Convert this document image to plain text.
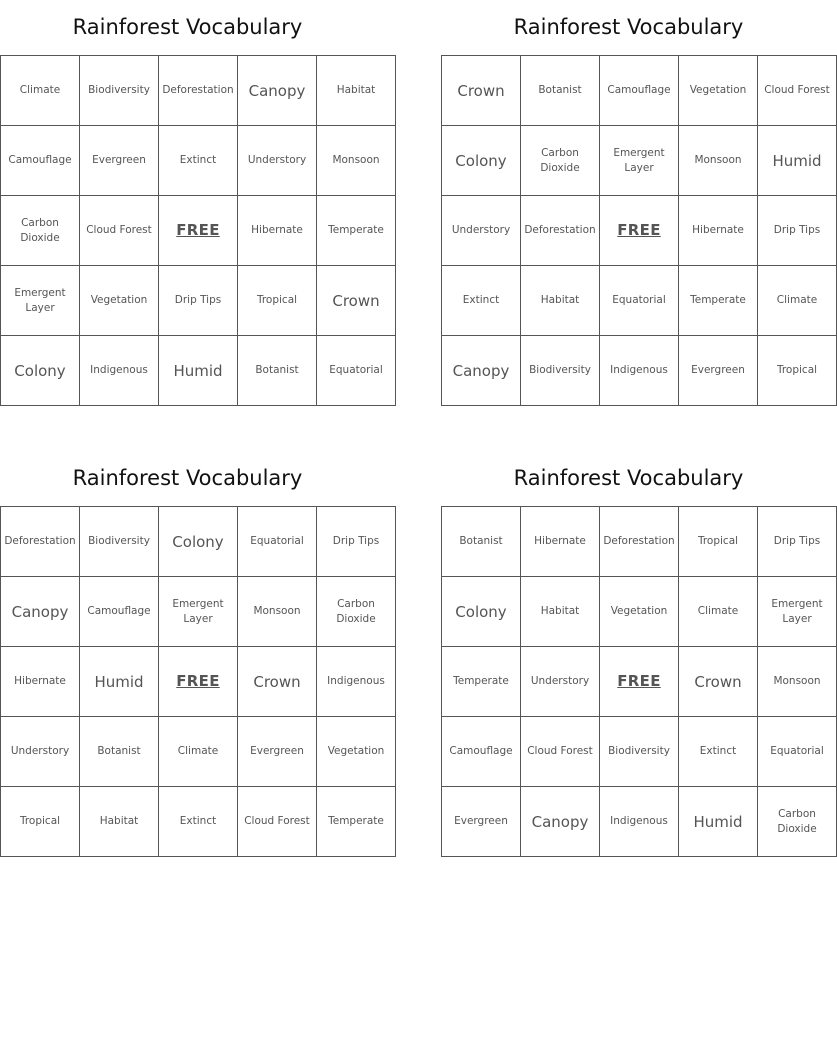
Rainforest Vocabulary
Climate	Biodiversity	Deforestation	Canopy	Habitat
Camouflage	Evergreen	Extinct	Understory	Monsoon
Carbon Dioxide	Cloud Forest	FREE	Hibernate	Temperate
Emergent Layer	Vegetation	Drip Tips	Tropical	Crown
Colony	Indigenous	Humid	Botanist	Equatorial
Rainforest Vocabulary
Crown	Botanist	Camouflage	Vegetation	Cloud Forest
Colony	Carbon Dioxide	Emergent Layer	Monsoon	Humid
Understory	Deforestation	FREE	Hibernate	Drip Tips
Extinct	Habitat	Equatorial	Temperate	Climate
Canopy	Biodiversity	Indigenous	Evergreen	Tropical
Rainforest Vocabulary
Deforestation	Biodiversity	Colony	Equatorial	Drip Tips
Canopy	Camouflage	Emergent Layer	Monsoon	Carbon Dioxide
Hibernate	Humid	FREE	Crown	Indigenous
Understory	Botanist	Climate	Evergreen	Vegetation
Tropical	Habitat	Extinct	Cloud Forest	Temperate
Rainforest Vocabulary
Botanist	Hibernate	Deforestation	Tropical	Drip Tips
Colony	Habitat	Vegetation	Climate	Emergent Layer
Temperate	Understory	FREE	Crown	Monsoon
Camouflage	Cloud Forest	Biodiversity	Extinct	Equatorial
Evergreen	Canopy	Indigenous	Humid	Carbon Dioxide
